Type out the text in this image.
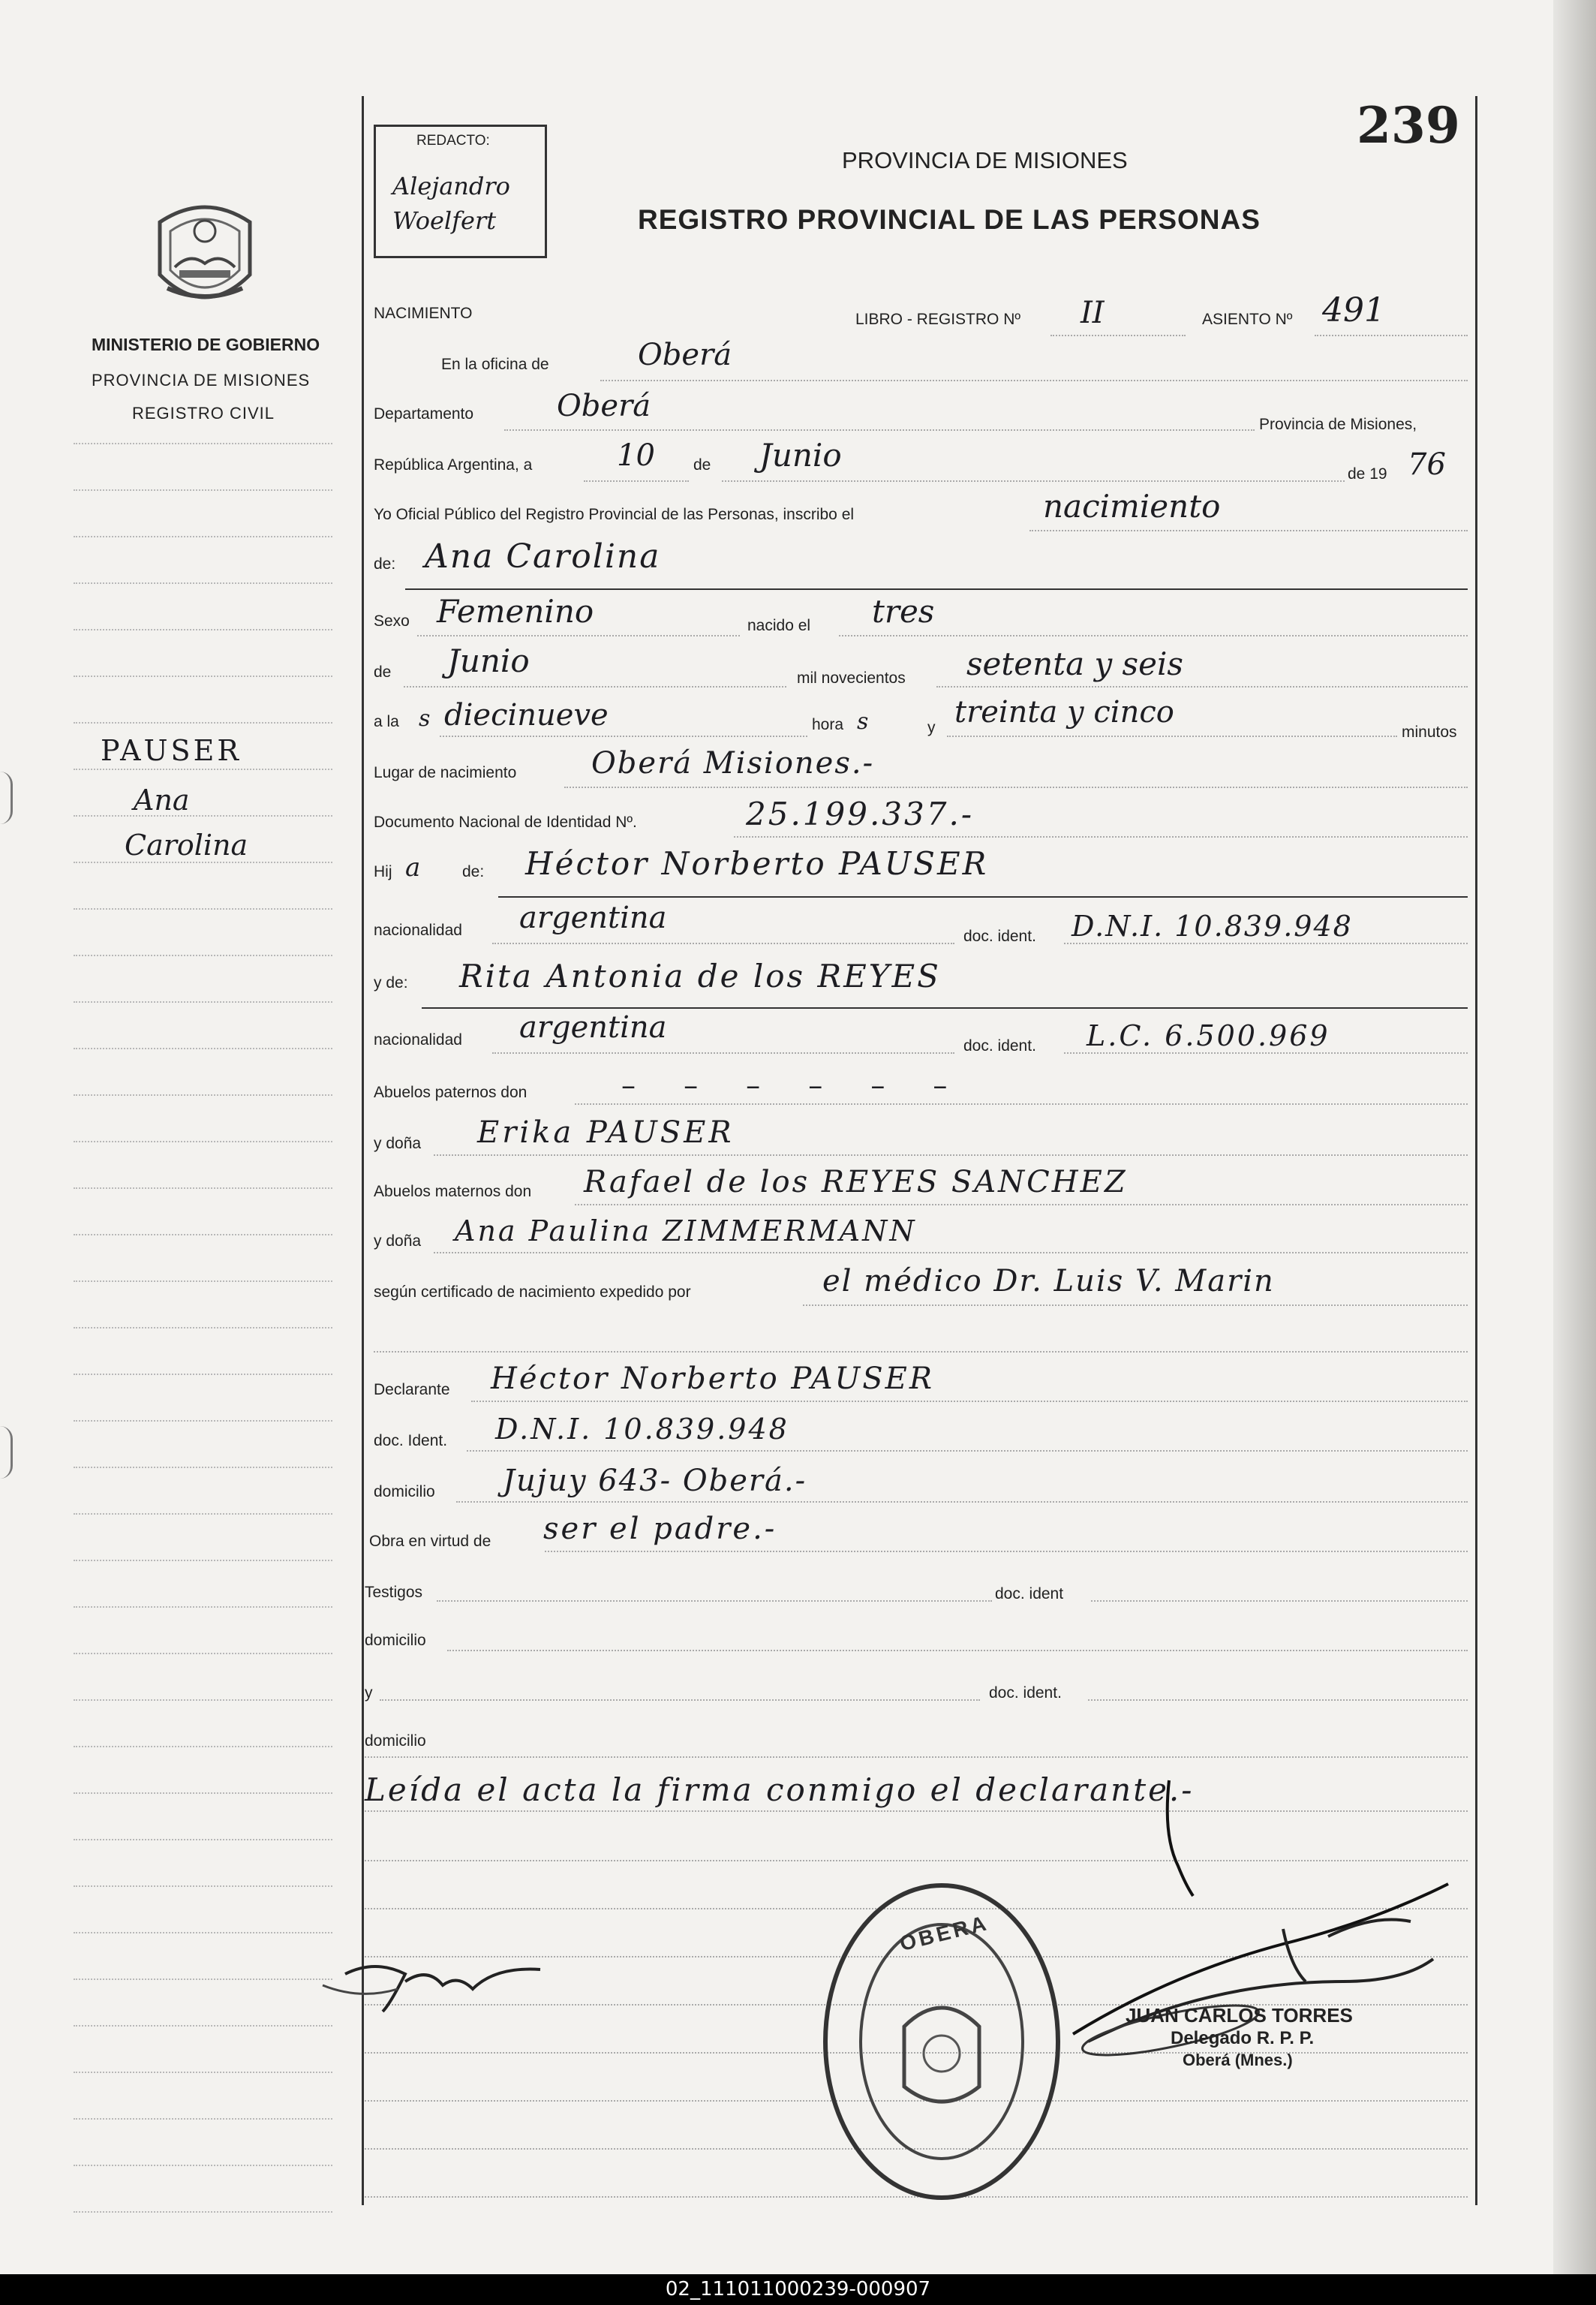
239
REDACTO:
Alejandro
Woelfert
PROVINCIA DE MISIONES
REGISTRO PROVINCIAL DE LAS PERSONAS
MINISTERIO DE GOBIERNO
PROVINCIA DE MISIONES
REGISTRO CIVIL
PAUSER
Ana
Carolina
NACIMIENTO	LIBRO - REGISTRO Nº II	ASIENTO Nº 491
En la oficina de	Oberá
Departamento	Oberá
Provincia de Misiones,
República Argentina, a	10 de Junio
de 19 76
Yo Oficial Público del Registro Provincial de las Personas, inscribo el	nacimiento
de: Ana Carolina
Sexo Femenino	nacido el tres
de Junio	mil novecientos setenta y seis
a la s diecinueve	hora s	y treinta y cinco
minutos
Lugar de nacimiento Oberá Misiones.-
Documento Nacional de Identidad Nº.	25.199.337.-
Hij a	de: Héctor Norberto PAUSER
nacionalidad argentina
doc. ident. D.N.I. 10.839.948
y de: Rita Antonia de los REYES
nacionalidad argentina
doc. ident. L.C. 6.500.969
Abuelos paternos don	– – – – – –
y doña Erika PAUSER
Abuelos maternos don Rafael de los REYES SANCHEZ
y doña Ana Paulina ZIMMERMANN
según certificado de nacimiento expedido por	el médico Dr. Luis V. Marin
Declarante Héctor Norberto PAUSER
doc. Ident. D.N.I. 10.839.948
domicilio Jujuy 643- Oberá.-
Obra en virtud de ser el padre.-
Testigos	doc. ident
domicilio
y	doc. ident.
domicilio
Leída el acta la firma conmigo el declarante.-
OBERA
JUAN CARLOS TORRES
Delegado R. P. P.
Oberá (Mnes.)
02_111011000239-000907
